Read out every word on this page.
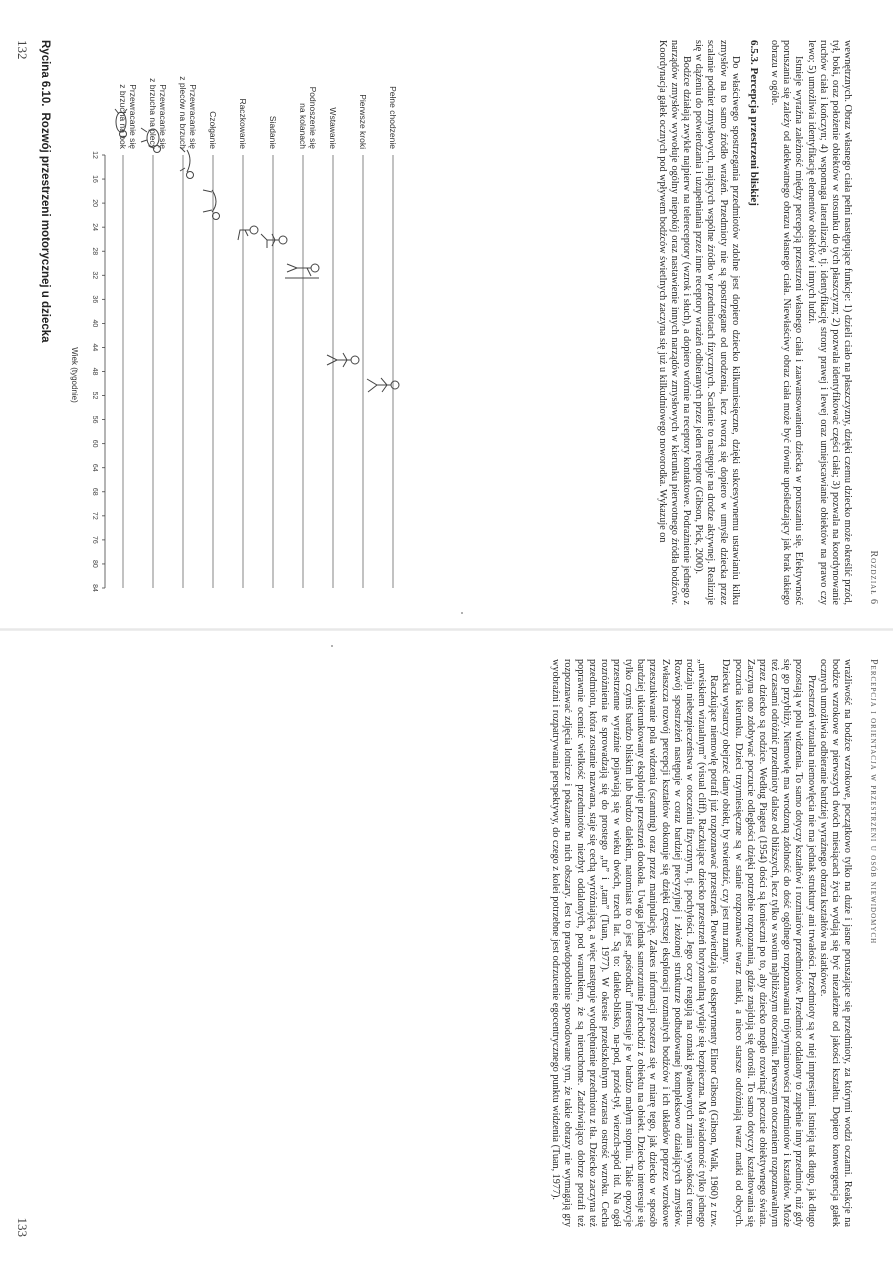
Rozdział 6

wewnętrznych. Obraz własnego ciała pełni następujące funkcje: 1) dzieli ciało na płaszczyzny, dzięki czemu dziecko może określić przód, tył, boki, oraz położenie obiektów w stosunku do tych płaszczyzn; 2) pozwala identyfikować części ciała; 3) pozwala na koordynowanie ruchów ciała i kończyn; 4) wspomaga lateralizację, tj. identyfikację strony prawej i lewej oraz umiejscawianie obiektów na prawo czy lewo; 5) umożliwia identyfikację elementów obiektów i innych ludzi.

Istnieje wyraźna zależność między percepcją przestrzeni własnego ciała i zaawansowaniem dziecka w poruszaniu się. Efektywność poruszania się zależy od adekwatnego obrazu własnego ciała. Niewłaściwy obraz ciała może być równie upośledzający jak brak takiego obrazu w ogóle.

6.5.3. Percepcja przestrzeni bliskiej

Do właściwego spostrzegania przedmiotów zdolne jest dopiero dziecko kilkumiesięczne, dzięki sukcesywnemu ustawianiu kilku zmysłów na to samo źródło wrażeń. Przedmioty nie są spostrzegane od urodzenia, lecz tworzą się dopiero w umyśle dziecka przez scalanie podniet zmysłowych, mających wspólne źródło w przedmiotach fizycznych. Scalenie to następuje na drodze aktywnej. Realizuje się w dążeniu do potwierdzania i uzupełniania przez inne receptory wrażeń odbieranych przez jeden receptor (Gibson, Pick, 2000).

Bodźce działają zwykle najpierw na telereceptory (wzrok i słuch), a dopiero wtórnie na receptory kontaktowe. Podrażnienie jednego z narządów zmysłów wywołuje ogólny niepokój oraz nastawienie innych narządów zmysłowych w kierunku pierwotnego źródła bodźców. Koordynacja gałek ocznych pod wpływem bodźców świetlnych zaczyna się już u kilkudniowego noworodka. Wykazuje on

Pełne chodzenie
Pierwsze kroki
Wstawanie
Podnoszenie się
na kolanach
Siadanie
Raczkowanie
Czołganie
Przewracanie się
z pleców na brzuch
Przewracanie się
z brzucha na plecy
Przewracanie się
z brzucha na bok
12
16
20
24
28
32
36
40
44
48
52
56
60
64
68
72
76
80
84
Wiek (tygodnie)
Rycina 6.10.Rozwój przestrzeni motorycznej u dziecka
132
Percepcja i orientacja w przestrzeni u osób niewidomych

wrażliwość na bodźce wzrokowe, początkowo tylko na duże i jasne poruszające się przedmioty, za którymi wodzi oczami. Reakcje na bodźce wzrokowe w pierwszych dwóch miesiącach życia wydają się być niezależne od jakości kształtu. Dopiero konwergencja gałek ocznych umożliwia odbieranie bardziej wyraźnego obrazu kształtów na siatkówce.

Przestrzeń wizualna niemowlęcia nie ma jednak struktury ani trwałości. Przedmioty są w niej impresjami. Istnieją tak długo, jak długo pozostają w polu widzenia. To samo dotyczy kształtów i rozmiarów przedmiotów. Przedmiot oddalony to zupełnie inny przedmiot, niż gdy się go przybliży. Niemowlę ma wrodzoną zdolność do dość ogólnego rozpoznawania trójwymiarowości przedmiotów i kształtów. Może też czasami odróżnić przedmioty dalsze od bliższych, lecz tylko w swoim najbliższym otoczeniu. Pierwszym otoczeniem rozpoznawalnym przez dziecko są rodzice. Według Piageta (1954) dości są konieczni po to, aby dziecko mogło rozwinąć poczucie obiektywnego świata. Zaczyna ono zdobywać poczucie odległości dzięki potrzebie rozpoznania, gdzie znajdują się dorośli. To samo dotyczy kształtowania się poczucia kierunku. Dzieci trzymiesięczne są w stanie rozpoznawać twarz matki, a nieco starsze odróżniają twarz matki od obcych. Dziecku wystarczy obejrzeć dany obiekt, by stwierdzić, czy jest mu znany.

Raczkujące niemowlę potrafi już rozpoznawać przestrzeń. Potwierdzają to eksperymenty Elinor Gibson (Gibson, Walk, 1960) z tzw. „urwiskiem wizualnym” (visual cliff). Raczkujące dziecko przestrzeń horyzontalną wydaje się bezpieczna. Ma świadomość tylko jednego rodzaju niebezpieczeństwa w otoczeniu fizycznym, tj. pochyłości. Jego oczy reagują na oznaki gwałtownych zmian wysokości terenu. Rozwój spostrzeżeń następuje w coraz bardziej precyzyjnej i złożonej strukturze podbudowanej kompleksowo działających zmysłów. Zwłaszcza rozwój percepcji kształtów dokonuje się dzięki częstszej eksploracji rozmaitych bodźców i ich układów poprzez wzrokowe przeszukiwanie pola widzenia (scanning) oraz przez manipulację. Zakres informacji poszerza się w miarę tego, jak dziecko w sposób bardziej ukierunkowany eksploruje przestrzeń dookoła. Uwaga jednak samorzutnie przechodzi z obiektu na obiekt. Dziecko interesuje się tylko czymś bardzo bliskim lub bardzo dalekim, natomiast to co jest „pośrodku” interesuje je w bardzo małym stopniu. Takie opozycje przestrzenne wyraźnie pojawiają się w wieku dwóch, trzech lat. Są to: daleko-blisko, na-pod, przód-tył, wierzch-spód itd. Na ogół rozróżnienia te sprowadzają się do prostego „tu” i „tam” (Tuan, 1977). W okresie przedszkolnym wzrasta ostrość wzroku. Cecha przedmiotu, która zostanie nazwana, staje się cechą wyróżniającą, a więc następuje wyodrębnienie przedmiotu z tła. Dziecko zaczyna też poprawnie oceniać wielkość przedmiotów niezbyt oddalonych, pod warunkiem, że są nieruchome. Zadziwiająco dobrze potrafi też rozpoznawać zdjęcia lotnicze i pokazane na nich obszary. Jest to prawdopodobnie spowodowane tym, że takie obrazy nie wymagają gry wyobraźni i rozpatrywania perspektywy, do czego z kolei potrzebne jest odrzucenie egocentrycznego punktu widzenia (Tuan, 1977).

133
